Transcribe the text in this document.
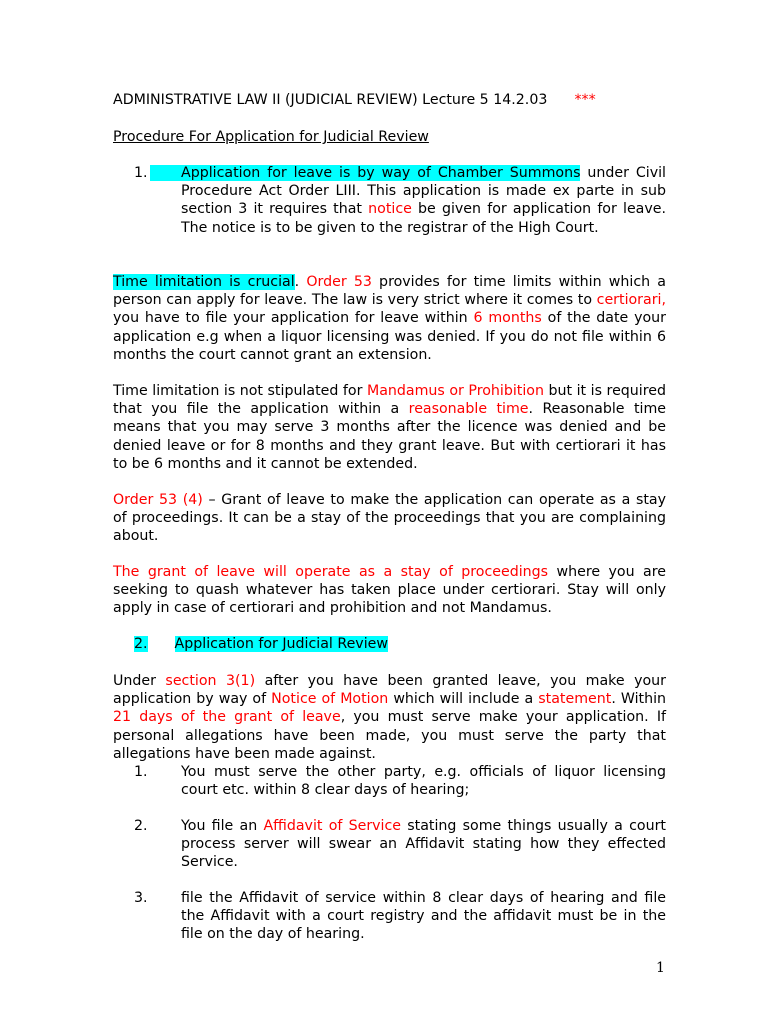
ADMINISTRATIVE LAW II (JUDICIAL REVIEW) Lecture 5 14.2.03 ***

Procedure For Application for Judicial Review

1. Application for leave is by way of Chamber Summons under Civil Procedure Act Order LIII. This application is made ex parte in sub section 3 it requires that notice be given for application for leave. The notice is to be given to the registrar of the High Court.

Time limitation is crucial. Order 53 provides for time limits within which a person can apply for leave. The law is very strict where it comes to certiorari, you have to file your application for leave within 6 months of the date your application e.g when a liquor licensing was denied. If you do not file within 6 months the court cannot grant an extension.

Time limitation is not stipulated for Mandamus or Prohibition but it is required that you file the application within a reasonable time. Reasonable time means that you may serve 3 months after the licence was denied and be denied leave or for 8 months and they grant leave. But with certiorari it has to be 6 months and it cannot be extended.

Order 53 (4) – Grant of leave to make the application can operate as a stay of proceedings. It can be a stay of the proceedings that you are complaining about.

The grant of leave will operate as a stay of proceedings where you are seeking to quash whatever has taken place under certiorari. Stay will only apply in case of certiorari and prohibition and not Mandamus.

2. Application for Judicial Review

Under section 3(1) after you have been granted leave, you make your application by way of Notice of Motion which will include a statement. Within 21 days of the grant of leave, you must serve make your application. If personal allegations have been made, you must serve the party that allegations have been made against.

1. You must serve the other party, e.g. officials of liquor licensing court etc. within 8 clear days of hearing;

2. You file an Affidavit of Service stating some things usually a court process server will swear an Affidavit stating how they effected Service.

3. file the Affidavit of service within 8 clear days of hearing and file the Affidavit with a court registry and the affidavit must be in the file on the day of hearing.

1
